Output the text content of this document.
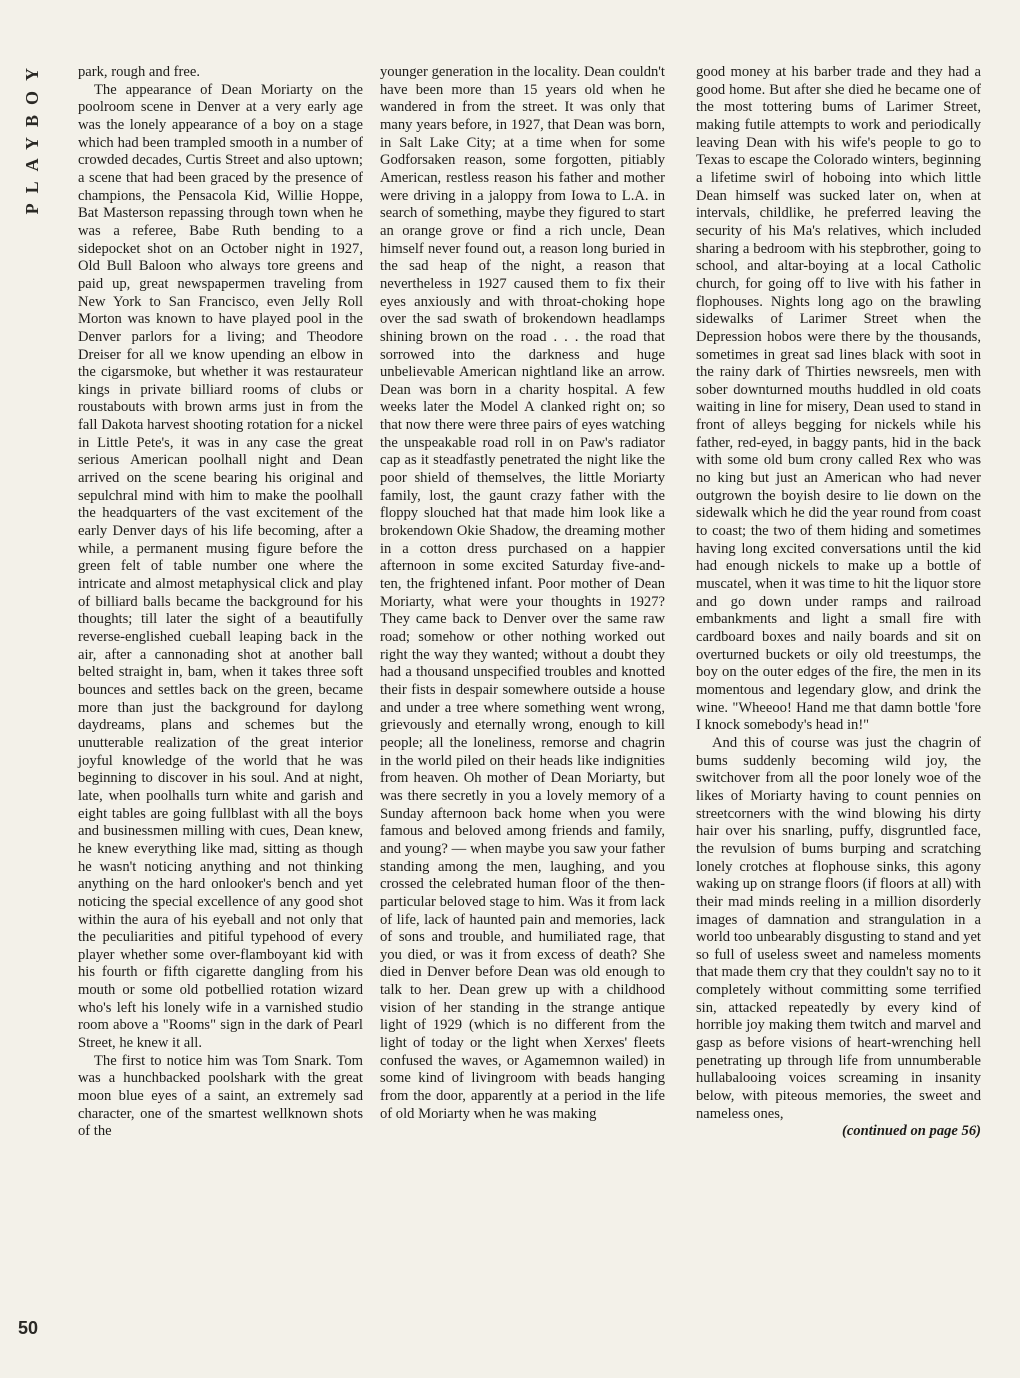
PLAYBOY park, rough and free.

The appearance of Dean Moriarty on the poolroom scene in Denver at a very early age was the lonely appearance of a boy on a stage which had been trampled smooth in a number of crowded decades, Curtis Street and also uptown; a scene that had been graced by the presence of champions, the Pensacola Kid, Willie Hoppe, Bat Masterson repassing through town when he was a referee, Babe Ruth bending to a sidepocket shot on an October night in 1927, Old Bull Baloon who always tore greens and paid up, great newspapermen traveling from New York to San Francisco, even Jelly Roll Morton was known to have played pool in the Denver parlors for a living; and Theodore Dreiser for all we know upending an elbow in the cigarsmoke, but whether it was restaurateur kings in private billiard rooms of clubs or roustabouts with brown arms just in from the fall Dakota harvest shooting rotation for a nickel in Little Pete's, it was in any case the great serious American poolhall night and Dean arrived on the scene bearing his original and sepulchral mind with him to make the poolhall the headquarters of the vast excitement of the early Denver days of his life becoming, after a while, a permanent musing figure before the green felt of table number one where the intricate and almost metaphysical click and play of billiard balls became the background for his thoughts; till later the sight of a beautifully reverse-englished cueball leaping back in the air, after a cannonading shot at another ball belted straight in, bam, when it takes three soft bounces and settles back on the green, became more than just the background for daylong daydreams, plans and schemes but the unutterable realization of the great interior joyful knowledge of the world that he was beginning to discover in his soul. And at night, late, when poolhalls turn white and garish and eight tables are going fullblast with all the boys and businessmen milling with cues, Dean knew, he knew everything like mad, sitting as though he wasn't noticing anything and not thinking anything on the hard onlooker's bench and yet noticing the special excellence of any good shot within the aura of his eyeball and not only that the peculiarities and pitiful typehood of every player whether some over-flamboyant kid with his fourth or fifth cigarette dangling from his mouth or some old potbellied rotation wizard who's left his lonely wife in a varnished studio room above a "Rooms" sign in the dark of Pearl Street, he knew it all.

The first to notice him was Tom Snark. Tom was a hunchbacked poolshark with the great moon blue eyes of a saint, an extremely sad character, one of the smartest wellknown shots of the

younger generation in the locality. Dean couldn't have been more than 15 years old when he wandered in from the street. It was only that many years before, in 1927, that Dean was born, in Salt Lake City; at a time when for some Godforsaken reason, some forgotten, pitiably American, restless reason his father and mother were driving in a jaloppy from Iowa to L.A. in search of something, maybe they figured to start an orange grove or find a rich uncle, Dean himself never found out, a reason long buried in the sad heap of the night, a reason that nevertheless in 1927 caused them to fix their eyes anxiously and with throat-choking hope over the sad swath of brokendown headlamps shining brown on the road . . . the road that sorrowed into the darkness and huge unbelievable American nightland like an arrow. Dean was born in a charity hospital. A few weeks later the Model A clanked right on; so that now there were three pairs of eyes watching the unspeakable road roll in on Paw's radiator cap as it steadfastly penetrated the night like the poor shield of themselves, the little Moriarty family, lost, the gaunt crazy father with the floppy slouched hat that made him look like a brokendown Okie Shadow, the dreaming mother in a cotton dress purchased on a happier afternoon in some excited Saturday five-and-ten, the frightened infant. Poor mother of Dean Moriarty, what were your thoughts in 1927? They came back to Denver over the same raw road; somehow or other nothing worked out right the way they wanted; without a doubt they had a thousand unspecified troubles and knotted their fists in despair somewhere outside a house and under a tree where something went wrong, grievously and eternally wrong, enough to kill people; all the loneliness, remorse and chagrin in the world piled on their heads like indignities from heaven. Oh mother of Dean Moriarty, but was there secretly in you a lovely memory of a Sunday afternoon back home when you were famous and beloved among friends and family, and young? — when maybe you saw your father standing among the men, laughing, and you crossed the celebrated human floor of the then-particular beloved stage to him. Was it from lack of life, lack of haunted pain and memories, lack of sons and trouble, and humiliated rage, that you died, or was it from excess of death? She died in Denver before Dean was old enough to talk to her. Dean grew up with a childhood vision of her standing in the strange antique light of 1929 (which is no different from the light of today or the light when Xerxes' fleets confused the waves, or Agamemnon wailed) in some kind of livingroom with beads hanging from the door, apparently at a period in the life of old Moriarty when he was making

good money at his barber trade and they had a good home. But after she died he became one of the most tottering bums of Larimer Street, making futile attempts to work and periodically leaving Dean with his wife's people to go to Texas to escape the Colorado winters, beginning a lifetime swirl of hoboing into which little Dean himself was sucked later on, when at intervals, childlike, he preferred leaving the security of his Ma's relatives, which included sharing a bedroom with his stepbrother, going to school, and altar-boying at a local Catholic church, for going off to live with his father in flophouses. Nights long ago on the brawling sidewalks of Larimer Street when the Depression hobos were there by the thousands, sometimes in great sad lines black with soot in the rainy dark of Thirties newsreels, men with sober downturned mouths huddled in old coats waiting in line for misery, Dean used to stand in front of alleys begging for nickels while his father, red-eyed, in baggy pants, hid in the back with some old bum crony called Rex who was no king but just an American who had never outgrown the boyish desire to lie down on the sidewalk which he did the year round from coast to coast; the two of them hiding and sometimes having long excited conversations until the kid had enough nickels to make up a bottle of muscatel, when it was time to hit the liquor store and go down under ramps and railroad embankments and light a small fire with cardboard boxes and naily boards and sit on overturned buckets or oily old treestumps, the boy on the outer edges of the fire, the men in its momentous and legendary glow, and drink the wine. "Wheeoo! Hand me that damn bottle 'fore I knock somebody's head in!"

And this of course was just the chagrin of bums suddenly becoming wild joy, the switchover from all the poor lonely woe of the likes of Moriarty having to count pennies on streetcorners with the wind blowing his dirty hair over his snarling, puffy, disgruntled face, the revulsion of bums burping and scratching lonely crotches at flophouse sinks, this agony waking up on strange floors (if floors at all) with their mad minds reeling in a million disorderly images of damnation and strangulation in a world too unbearably disgusting to stand and yet so full of useless sweet and nameless moments that made them cry that they couldn't say no to it completely without committing some terrified sin, attacked repeatedly by every kind of horrible joy making them twitch and marvel and gasp as before visions of heart-wrenching hell penetrating up through life from unnumberable hullabalooing voices screaming in insanity below, with piteous memories, the sweet and nameless ones,

(continued on page 56)

50
